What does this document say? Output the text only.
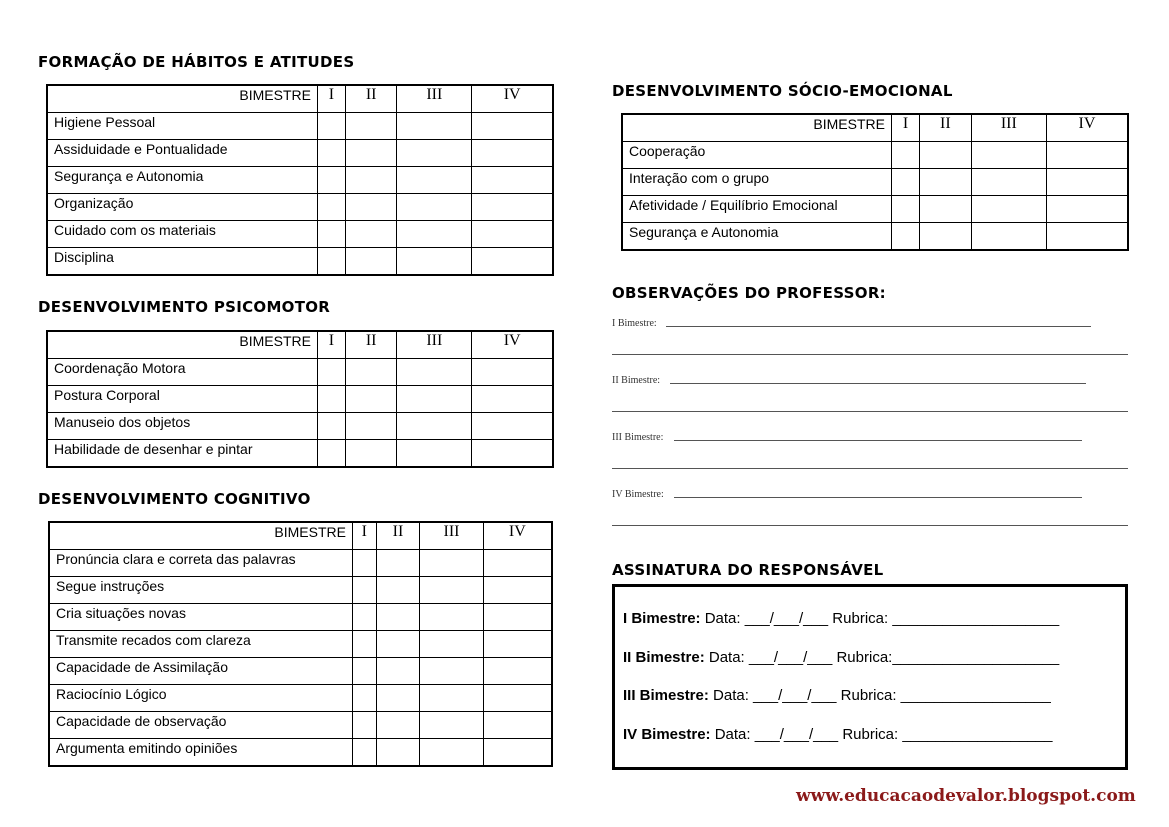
FORMAÇÃO DE HÁBITOS E ATITUDES
BIMESTRE	I	II	III	IV
Higiene Pessoal				
Assiduidade e Pontualidade				
Segurança e Autonomia				
Organização				
Cuidado com os materiais				
Disciplina				
DESENVOLVIMENTO PSICOMOTOR
BIMESTRE	I	II	III	IV
Coordenação Motora				
Postura Corporal				
Manuseio dos objetos				
Habilidade de desenhar e pintar				
DESENVOLVIMENTO COGNITIVO
BIMESTRE	I	II	III	IV
Pronúncia clara e correta das palavras				
Segue instruções				
Cria situações novas				
Transmite recados com clareza				
Capacidade de Assimilação				
Raciocínio Lógico				
Capacidade de observação				
Argumenta emitindo opiniões				
DESENVOLVIMENTO SÓCIO-EMOCIONAL
BIMESTRE	I	II	III	IV
Cooperação				
Interação com o grupo				
Afetividade / Equilíbrio Emocional				
Segurança e Autonomia				
OBSERVAÇÕES DO PROFESSOR:
I Bimestre:
II Bimestre:
III Bimestre:
IV Bimestre:
ASSINATURA DO RESPONSÁVEL
I Bimestre: Data: ___/___/___ Rubrica: ____________________
II Bimestre: Data: ___/___/___ Rubrica:____________________
III Bimestre: Data: ___/___/___ Rubrica: __________________
IV Bimestre: Data: ___/___/___ Rubrica: __________________
www.educacaodevalor.blogspot.com
